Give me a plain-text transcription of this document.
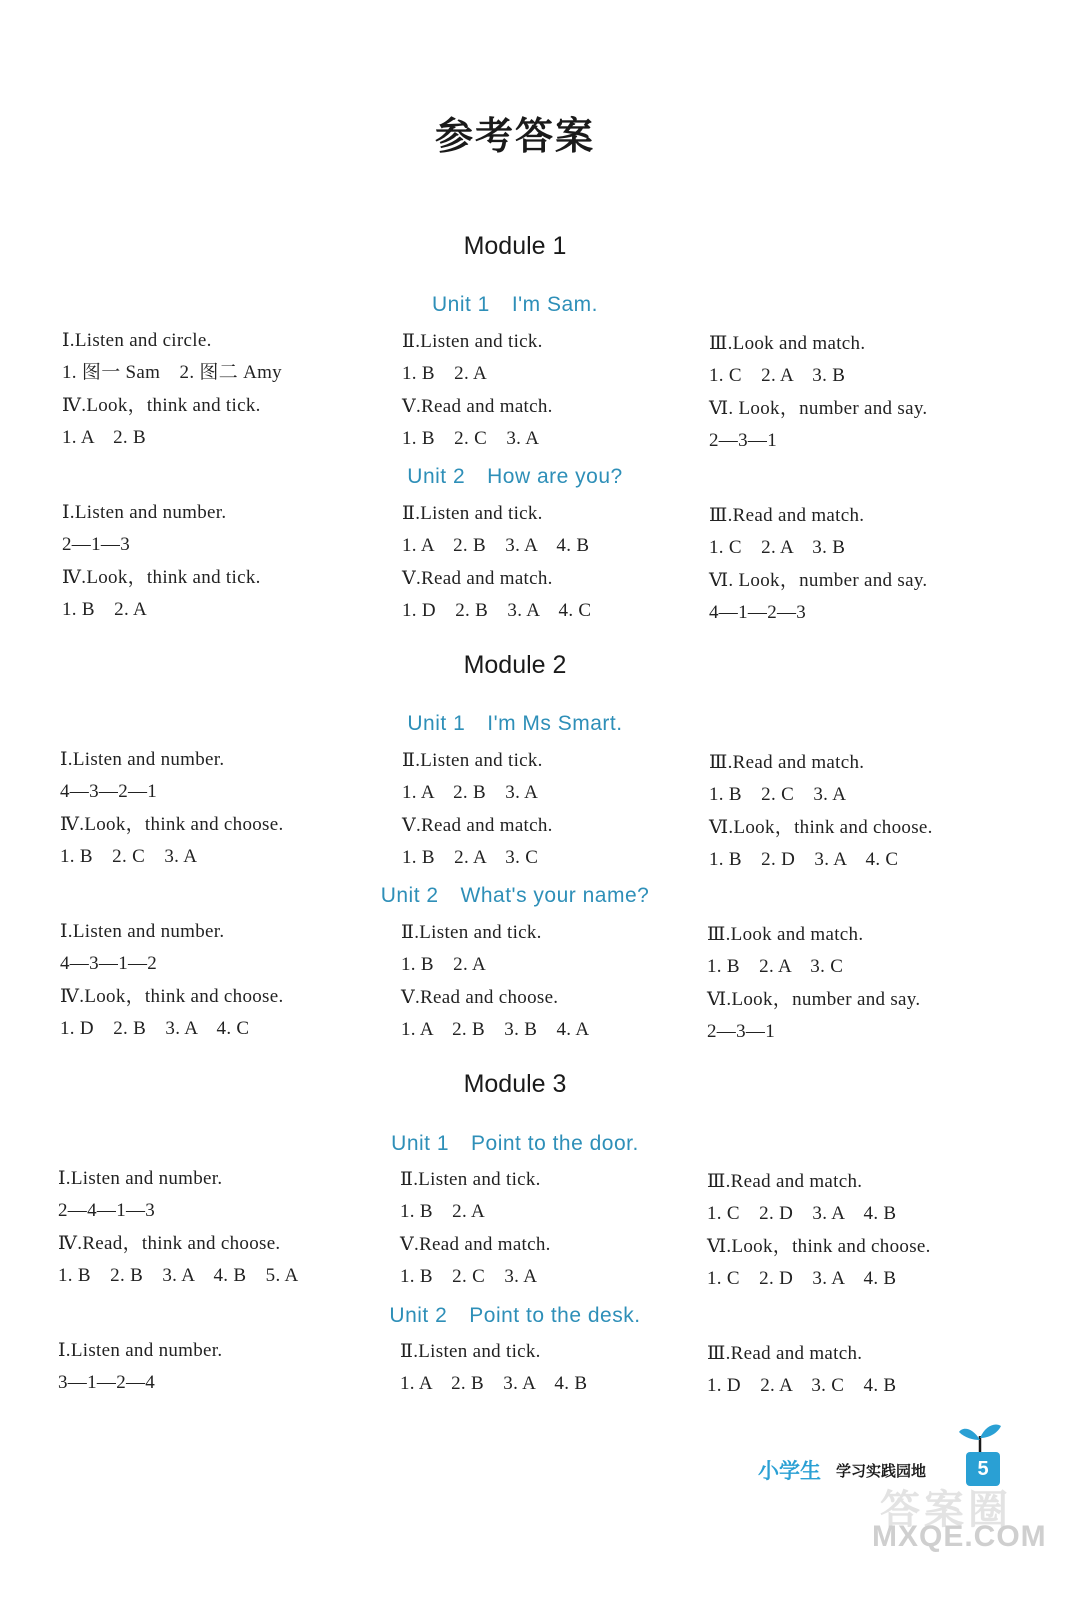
参考答案
Module 1
Unit 1 I'm Sam.
Ⅰ.Listen and circle.
1. 图一 Sam　2. 图二 Amy
Ⅳ.Look，think and tick.
1. A　2. B
Ⅱ.Listen and tick.
1. B　2. A
Ⅴ.Read and match.
1. B　2. C　3. A
Ⅲ.Look and match.
1. C　2. A　3. B
Ⅵ. Look，number and say.
2—3—1
Unit 2 How are you?
Ⅰ.Listen and number.
2—1—3
Ⅳ.Look，think and tick.
1. B　2. A
Ⅱ.Listen and tick.
1. A　2. B　3. A　4. B
Ⅴ.Read and match.
1. D　2. B　3. A　4. C
Ⅲ.Read and match.
1. C　2. A　3. B
Ⅵ. Look，number and say.
4—1—2—3
Module 2
Unit 1 I'm Ms Smart.
Ⅰ.Listen and number.
4—3—2—1
Ⅳ.Look，think and choose.
1. B　2. C　3. A
Ⅱ.Listen and tick.
1. A　2. B　3. A
Ⅴ.Read and match.
1. B　2. A　3. C
Ⅲ.Read and match.
1. B　2. C　3. A
Ⅵ.Look，think and choose.
1. B　2. D　3. A　4. C
Unit 2 What's your name?
Ⅰ.Listen and number.
4—3—1—2
Ⅳ.Look，think and choose.
1. D　2. B　3. A　4. C
Ⅱ.Listen and tick.
1. B　2. A
Ⅴ.Read and choose.
1. A　2. B　3. B　4. A
Ⅲ.Look and match.
1. B　2. A　3. C
Ⅵ.Look，number and say.
2—3—1
Module 3
Unit 1 Point to the door.
Ⅰ.Listen and number.
2—4—1—3
Ⅳ.Read，think and choose.
1. B　2. B　3. A　4. B　5. A
Ⅱ.Listen and tick.
1. B　2. A
Ⅴ.Read and match.
1. B　2. C　3. A
Ⅲ.Read and match.
1. C　2. D　3. A　4. B
Ⅵ.Look，think and choose.
1. C　2. D　3. A　4. B
Unit 2 Point to the desk.
Ⅰ.Listen and number.
3—1—2—4
Ⅱ.Listen and tick.
1. A　2. B　3. A　4. B
Ⅲ.Read and match.
1. D　2. A　3. C　4. B
小学生 学习实践园地	5
答案圈
MXQE.COM
